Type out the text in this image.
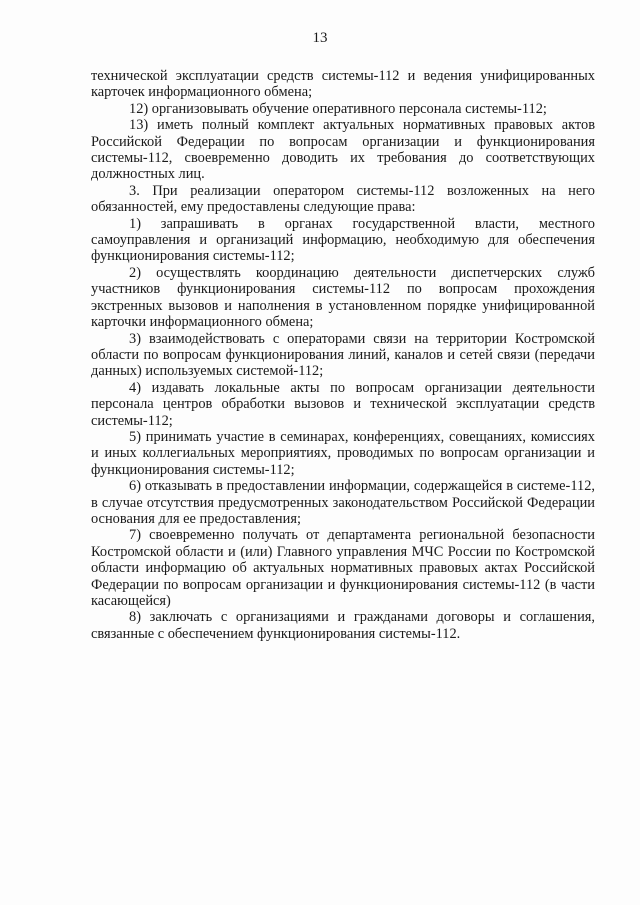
13

технической эксплуатации средств системы-112 и ведения унифицированных карточек информационного обмена;

12) организовывать обучение оперативного персонала системы-112;

13) иметь полный комплект актуальных нормативных правовых актов Российской Федерации по вопросам организации и функционирования системы-112, своевременно доводить их требования до соответствующих должностных лиц.

3. При реализации оператором системы-112 возложенных на него обязанностей, ему предоставлены следующие права:

1) запрашивать в органах государственной власти, местного самоуправления и организаций информацию, необходимую для обеспечения функционирования системы-112;

2) осуществлять координацию деятельности диспетчерских служб участников функционирования системы-112 по вопросам прохождения экстренных вызовов и наполнения в установленном порядке унифицированной карточки информационного обмена;

3) взаимодействовать с операторами связи на территории Костромской области по вопросам функционирования линий, каналов и сетей связи (передачи данных) используемых системой-112;

4) издавать локальные акты по вопросам организации деятельности персонала центров обработки вызовов и технической эксплуатации средств системы-112;

5) принимать участие в семинарах, конференциях, совещаниях, комиссиях и иных коллегиальных мероприятиях, проводимых по вопросам организации и функционирования системы-112;

6) отказывать в предоставлении информации, содержащейся в системе-112, в случае отсутствия предусмотренных законодательством Российской Федерации основания для ее предоставления;

7) своевременно получать от департамента региональной безопасности Костромской области и (или) Главного управления МЧС России по Костромской области информацию об актуальных нормативных правовых актах Российской Федерации по вопросам организации и функционирования системы-112 (в части касающейся)

8) заключать с организациями и гражданами договоры и соглашения, связанные с обеспечением функционирования системы-112.
